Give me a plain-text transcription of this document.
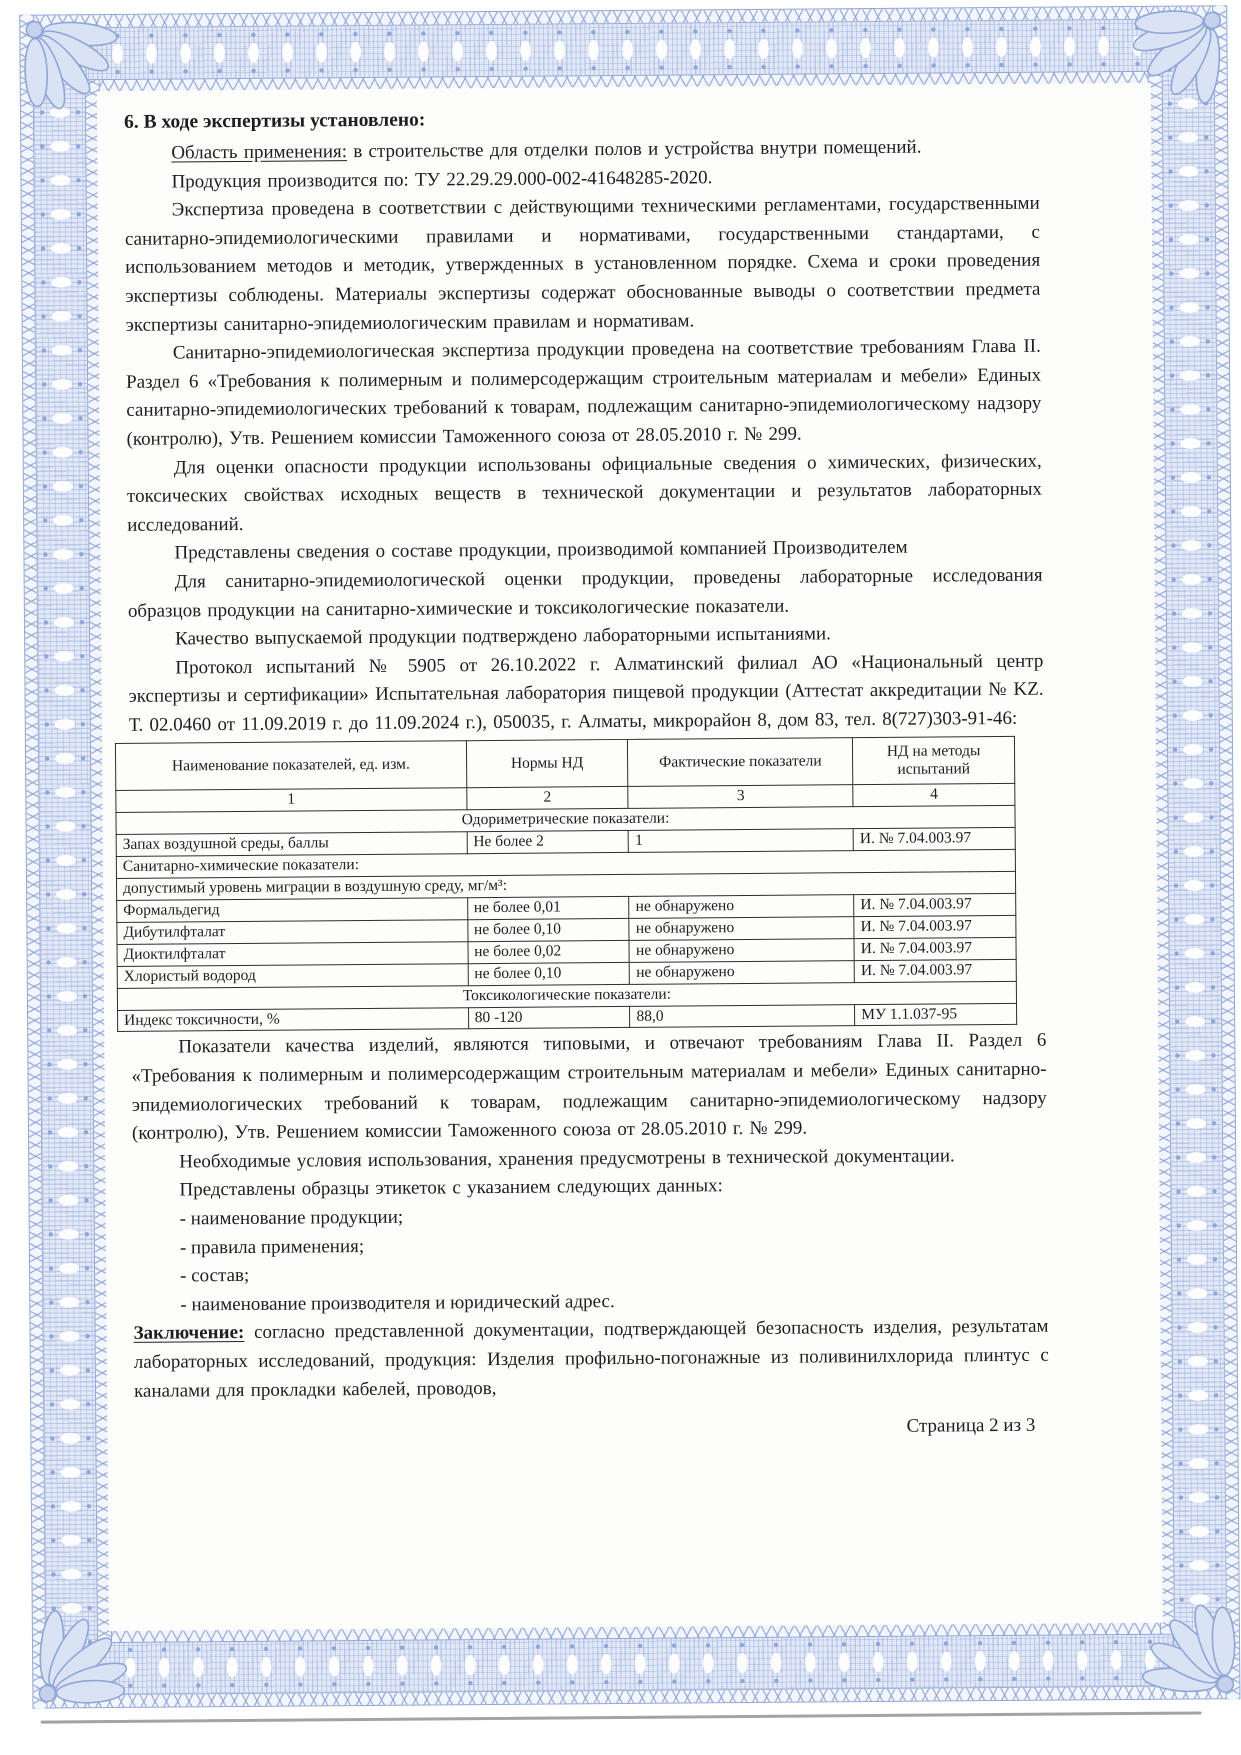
6. В ходе экспертизы установлено:

Область применения: в строительстве для отделки полов и устройства внутри помещений.

Продукция производится по: ТУ 22.29.29.000-002-41648285-2020.

Экспертиза проведена в соответствии с действующими техническими регламентами, государственными санитарно-эпидемиологическими правилами и нормативами, государственными стандартами, с использованием методов и методик, утвержденных в установленном порядке. Схема и сроки проведения экспертизы соблюдены. Материалы экспертизы содержат обоснованные выводы о соответствии предмета экспертизы санитарно-эпидемиологическим правилам и нормативам.

Санитарно-эпидемиологическая экспертиза продукции проведена на соответствие требованиям Глава II. Раздел 6 «Требования к полимерным и полимерсодержащим строительным материалам и мебели» Единых санитарно-эпидемиологических требований к товарам, подлежащим санитарно-эпидемиологическому надзору (контролю), Утв. Решением комиссии Таможенного союза от 28.05.2010 г. № 299.

Для оценки опасности продукции использованы официальные сведения о химических, физических, токсических свойствах исходных веществ в технической документации и результатов лабораторных исследований.

Представлены сведения о составе продукции, производимой компанией Производителем

Для санитарно-эпидемиологической оценки продукции, проведены лабораторные исследования образцов продукции на санитарно-химические и токсикологические показатели.

Качество выпускаемой продукции подтверждено лабораторными испытаниями.

Протокол испытаний № 5905 от 26.10.2022 г. Алматинский филиал АО «Национальный центр экспертизы и сертификации» Испытательная лаборатория пищевой продукции (Аттестат аккредитации № KZ. Т. 02.0460 от 11.09.2019 г. до 11.09.2024 г.), 050035, г. Алматы, микрорайон 8, дом 83, тел. 8(727)303-91-46:

Наименование показателей, ед. изм.	Нормы НД	Фактические показатели	НД на методы испытаний
1	2	3	4
Одориметрические показатели:			
Запах воздушной среды, баллы	Не более 2	1	И. № 7.04.003.97
Санитарно-химические показатели:			
допустимый уровень миграции в воздушную среду, мг/м³:			
Формальдегид	не более 0,01	не обнаружено	И. № 7.04.003.97
Дибутилфталат	не более 0,10	не обнаружено	И. № 7.04.003.97
Диоктилфталат	не более 0,02	не обнаружено	И. № 7.04.003.97
Хлористый водород	не более 0,10	не обнаружено	И. № 7.04.003.97
Токсикологические показатели:			
Индекс токсичности, %	80 -120	88,0	МУ 1.1.037-95

Показатели качества изделий, являются типовыми, и отвечают требованиям Глава II. Раздел 6 «Требования к полимерным и полимерсодержащим строительным материалам и мебели» Единых санитарно-эпидемиологических требований к товарам, подлежащим санитарно-эпидемиологическому надзору (контролю), Утв. Решением комиссии Таможенного союза от 28.05.2010 г. № 299.

Необходимые условия использования, хранения предусмотрены в технической документации.

Представлены образцы этикеток с указанием следующих данных:

- наименование продукции;

- правила применения;

- состав;

- наименование производителя и юридический адрес.

Заключение: согласно представленной документации, подтверждающей безопасность изделия, результатам лабораторных исследований, продукция: Изделия профильно-погонажные из поливинилхлорида плинтус с каналами для прокладки кабелей, проводов,

Страница 2 из 3
